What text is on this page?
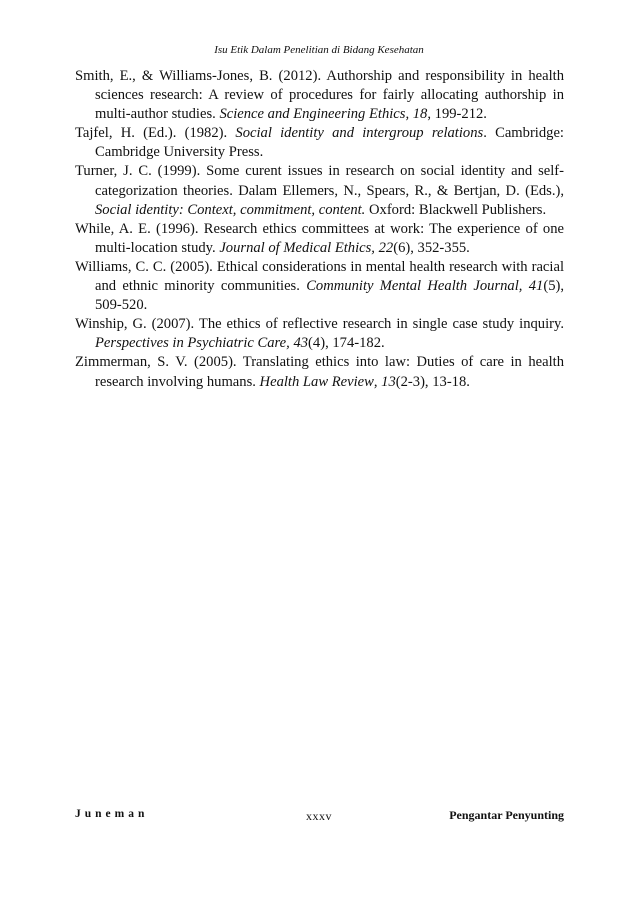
Isu Etik Dalam Penelitian di Bidang Kesehatan

Smith, E., & Williams-Jones, B. (2012). Authorship and responsibility in health sciences research: A review of procedures for fairly allocating authorship in multi-author studies. Science and Engineering Ethics, 18, 199-212.

Tajfel, H. (Ed.). (1982). Social identity and intergroup relations. Cambridge: Cambridge University Press.

Turner, J. C. (1999). Some curent issues in research on social identity and self-categorization theories. Dalam Ellemers, N., Spears, R., & Bertjan, D. (Eds.), Social identity: Context, commitment, content. Oxford: Blackwell Publishers.

While, A. E. (1996). Research ethics committees at work: The experience of one multi-location study. Journal of Medical Ethics, 22(6), 352-355.

Williams, C. C. (2005). Ethical considerations in mental health research with racial and ethnic minority communities. Community Mental Health Journal, 41(5), 509-520.

Winship, G. (2007). The ethics of reflective research in single case study inquiry. Perspectives in Psychiatric Care, 43(4), 174-182.

Zimmerman, S. V. (2005). Translating ethics into law: Duties of care in health research involving humans. Health Law Review, 13(2-3), 13-18.

Juneman	xxxv	Pengantar Penyunting
